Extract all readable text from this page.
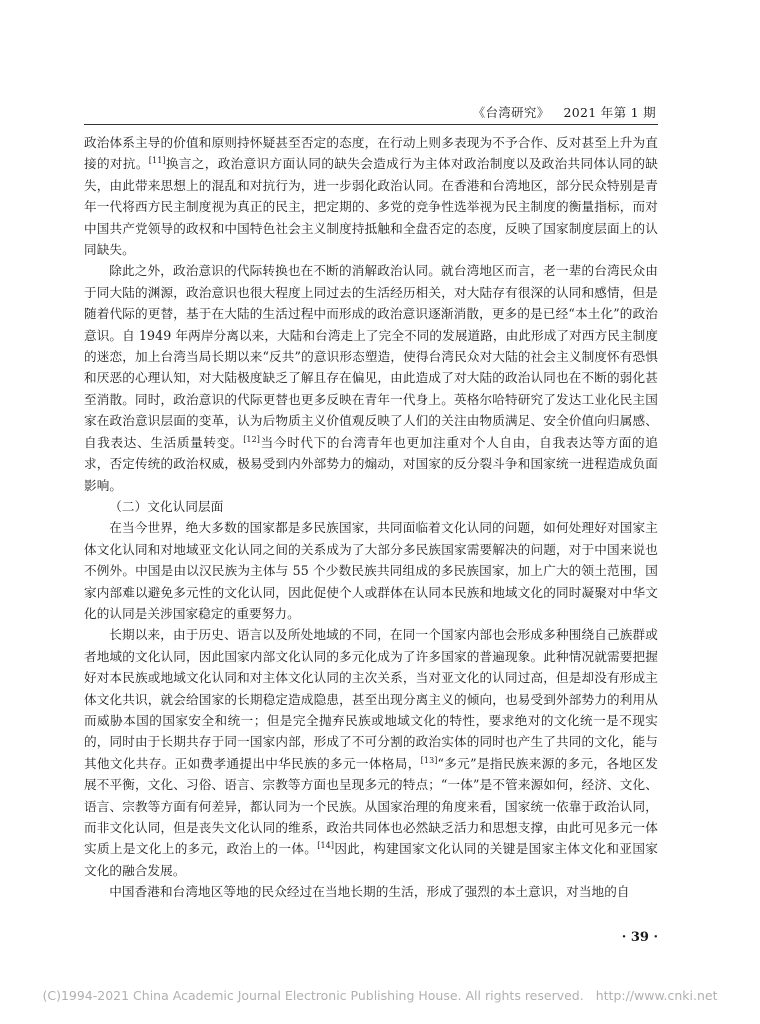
《台湾研究》 2021 年第 1 期

政治体系主导的价值和原则持怀疑甚至否定的态度，在行动上则多表现为不予合作、反对甚至上升为直接的对抗。[11]换言之，政治意识方面认同的缺失会造成行为主体对政治制度以及政治共同体认同的缺失，由此带来思想上的混乱和对抗行为，进一步弱化政治认同。在香港和台湾地区，部分民众特别是青年一代将西方民主制度视为真正的民主，把定期的、多党的竞争性选举视为民主制度的衡量指标，而对中国共产党领导的政权和中国特色社会主义制度持抵触和全盘否定的态度，反映了国家制度层面上的认同缺失。

除此之外，政治意识的代际转换也在不断的消解政治认同。就台湾地区而言，老一辈的台湾民众由于同大陆的渊源，政治意识也很大程度上同过去的生活经历相关，对大陆存有很深的认同和感情，但是随着代际的更替，基于在大陆的生活过程中而形成的政治意识逐渐消散，更多的是已经“本土化”的政治意识。自 1949 年两岸分离以来，大陆和台湾走上了完全不同的发展道路，由此形成了对西方民主制度的迷恋，加上台湾当局长期以来“反共”的意识形态塑造，使得台湾民众对大陆的社会主义制度怀有恐惧和厌恶的心理认知，对大陆极度缺乏了解且存在偏见，由此造成了对大陆的政治认同也在不断的弱化甚至消散。同时，政治意识的代际更替也更多反映在青年一代身上。英格尔哈特研究了发达工业化民主国家在政治意识层面的变革，认为后物质主义价值观反映了人们的关注由物质满足、安全价值向归属感、自我表达、生活质量转变。[12]当今时代下的台湾青年也更加注重对个人自由，自我表达等方面的追求，否定传统的政治权威，极易受到内外部势力的煽动，对国家的反分裂斗争和国家统一进程造成负面影响。

（二）文化认同层面

在当今世界，绝大多数的国家都是多民族国家，共同面临着文化认同的问题，如何处理好对国家主体文化认同和对地域亚文化认同之间的关系成为了大部分多民族国家需要解决的问题，对于中国来说也不例外。中国是由以汉民族为主体与 55 个少数民族共同组成的多民族国家，加上广大的领土范围，国家内部难以避免多元性的文化认同，因此促使个人或群体在认同本民族和地域文化的同时凝聚对中华文化的认同是关涉国家稳定的重要努力。

长期以来，由于历史、语言以及所处地域的不同，在同一个国家内部也会形成多种围绕自己族群或者地域的文化认同，因此国家内部文化认同的多元化成为了许多国家的普遍现象。此种情况就需要把握好对本民族或地域文化认同和对主体文化认同的主次关系，当对亚文化的认同过高，但是却没有形成主体文化共识，就会给国家的长期稳定造成隐患，甚至出现分离主义的倾向，也易受到外部势力的利用从而威胁本国的国家安全和统一；但是完全抛弃民族或地域文化的特性，要求绝对的文化统一是不现实的，同时由于长期共存于同一国家内部，形成了不可分割的政治实体的同时也产生了共同的文化，能与其他文化共存。正如费孝通提出中华民族的多元一体格局，[13]“多元”是指民族来源的多元，各地区发展不平衡，文化、习俗、语言、宗教等方面也呈现多元的特点；“一体”是不管来源如何，经济、文化、语言、宗教等方面有何差异，都认同为一个民族。从国家治理的角度来看，国家统一依靠于政治认同，而非文化认同，但是丧失文化认同的维系，政治共同体也必然缺乏活力和思想支撑，由此可见多元一体实质上是文化上的多元，政治上的一体。[14]因此，构建国家文化认同的关键是国家主体文化和亚国家文化的融合发展。

中国香港和台湾地区等地的民众经过在当地长期的生活，形成了强烈的本土意识，对当地的自

· 39 ·
(C)1994-2021 China Academic Journal Electronic Publishing House. All rights reserved. http://www.cnki.net
